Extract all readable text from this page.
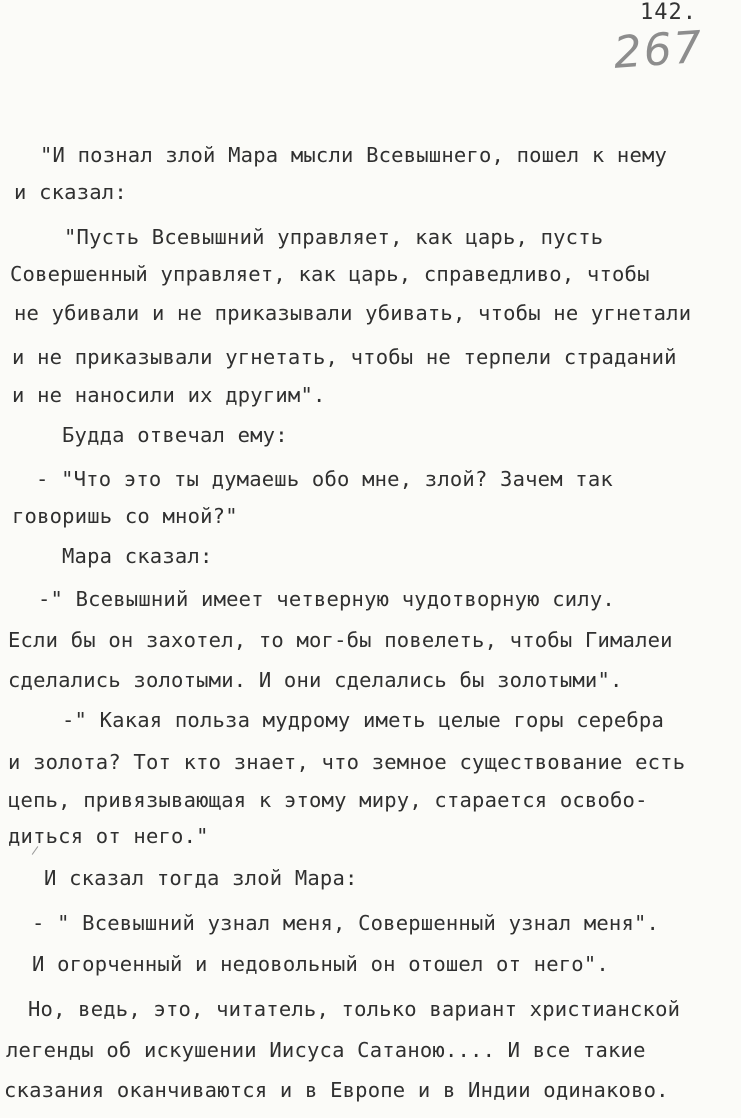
142.
267
"И познал злой Мара мысли Всевышнего, пошел к нему
и сказал:
"Пусть Всевышний управляет, как царь, пусть
Совершенный управляет, как царь, справедливо, чтобы
не убивали и не приказывали убивать, чтобы не угнетали
и не приказывали угнетать, чтобы не терпели страданий
и не наносили их другим".
Будда отвечал ему:
- "Что это ты думаешь обо мне, злой? Зачем так
говоришь со мной?"
Мара сказал:
-" Всевышний имеет четверную чудотворную силу.
Если бы он захотел, то мог-бы повелеть, чтобы Гималеи
сделались золотыми. И они сделались бы золотыми".
-" Какая польза мудрому иметь целые горы серебра
и золота? Тот кто знает, что земное существование есть
цепь, привязывающая к этому миру, старается освобо-
диться от него."
И сказал тогда злой Мара:
- " Всевышний узнал меня, Совершенный узнал меня".
И огорченный и недовольный он отошел от него".
Но, ведь, это, читатель, только вариант христианской
легенды об искушении Иисуса Сатаною.... И все такие
сказания оканчиваются и в Европе и в Индии одинаково.
